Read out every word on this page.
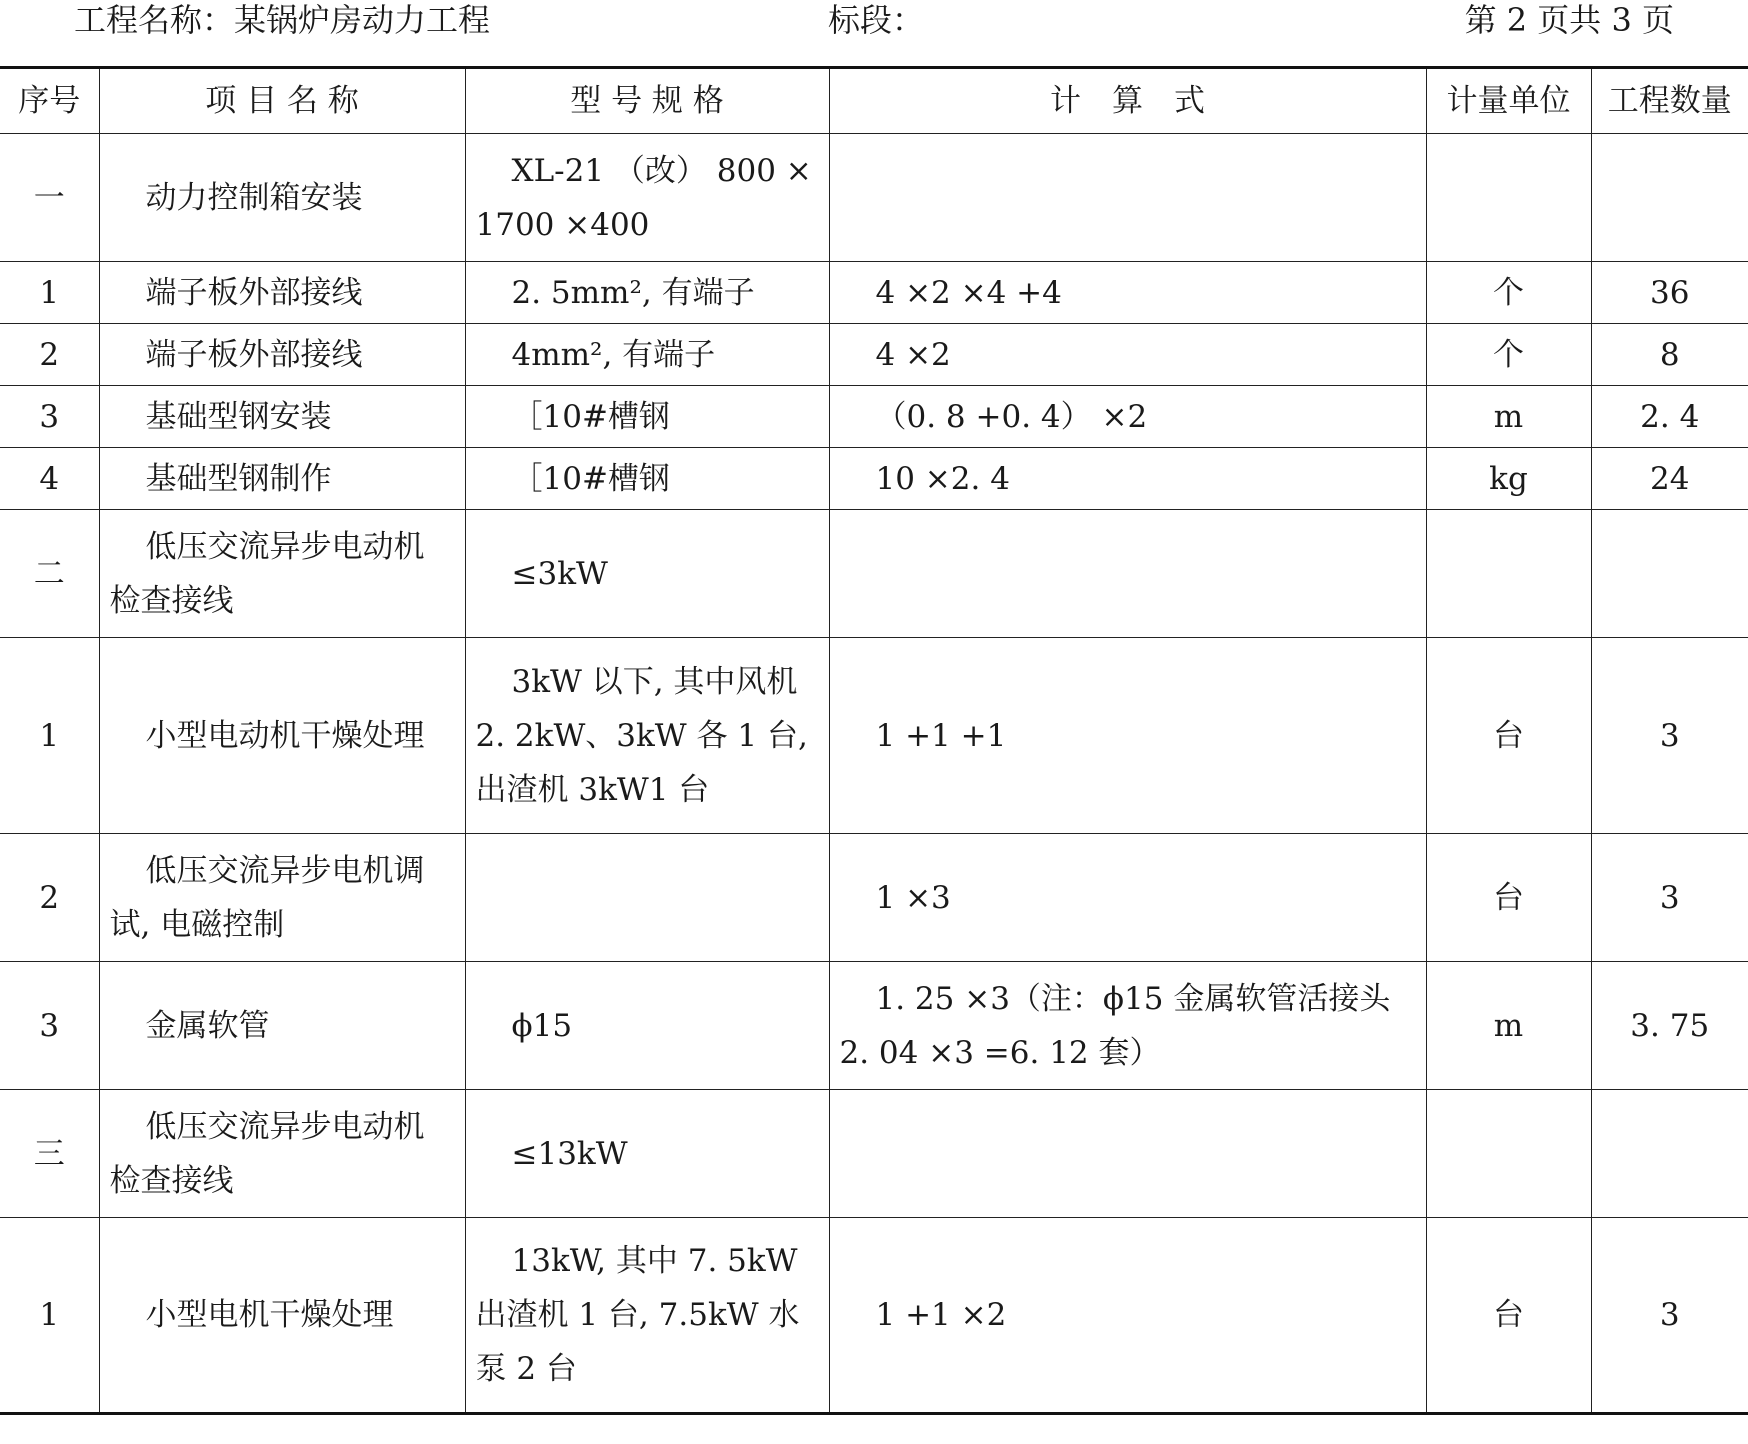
工程名称：某锅炉房动力工程	标段：	第 2 页共 3 页
序号	项 目 名 称	型 号 规 格	计　算　式	计量单位	工程数量
一	动力控制箱安装	XL-21 （改） 800 × 1700 ×400			
1	端子板外部接线	2. 5mm², 有端子	4 ×2 ×4 +4	个	36
2	端子板外部接线	4mm², 有端子	4 ×2	个	8
3	基础型钢安装	［10#槽钢	（0. 8 +0. 4） ×2	m	2. 4
4	基础型钢制作	［10#槽钢	10 ×2. 4	kg	24
二	低压交流异步电动机检查接线	≤3kW			
1	小型电动机干燥处理	3kW 以下, 其中风机 2. 2kW、3kW 各 1 台, 出渣机 3kW1 台	1 +1 +1	台	3
2	低压交流异步电机调试, 电磁控制		1 ×3	台	3
3	金属软管	ϕ15	1. 25 ×3（注：ϕ15 金属软管活接头 2. 04 ×3 =6. 12 套）	m	3. 75
三	低压交流异步电动机检查接线	≤13kW			
1	小型电机干燥处理	13kW, 其中 7. 5kW 出渣机 1 台, 7.5kW 水泵 2 台	1 +1 ×2	台	3
